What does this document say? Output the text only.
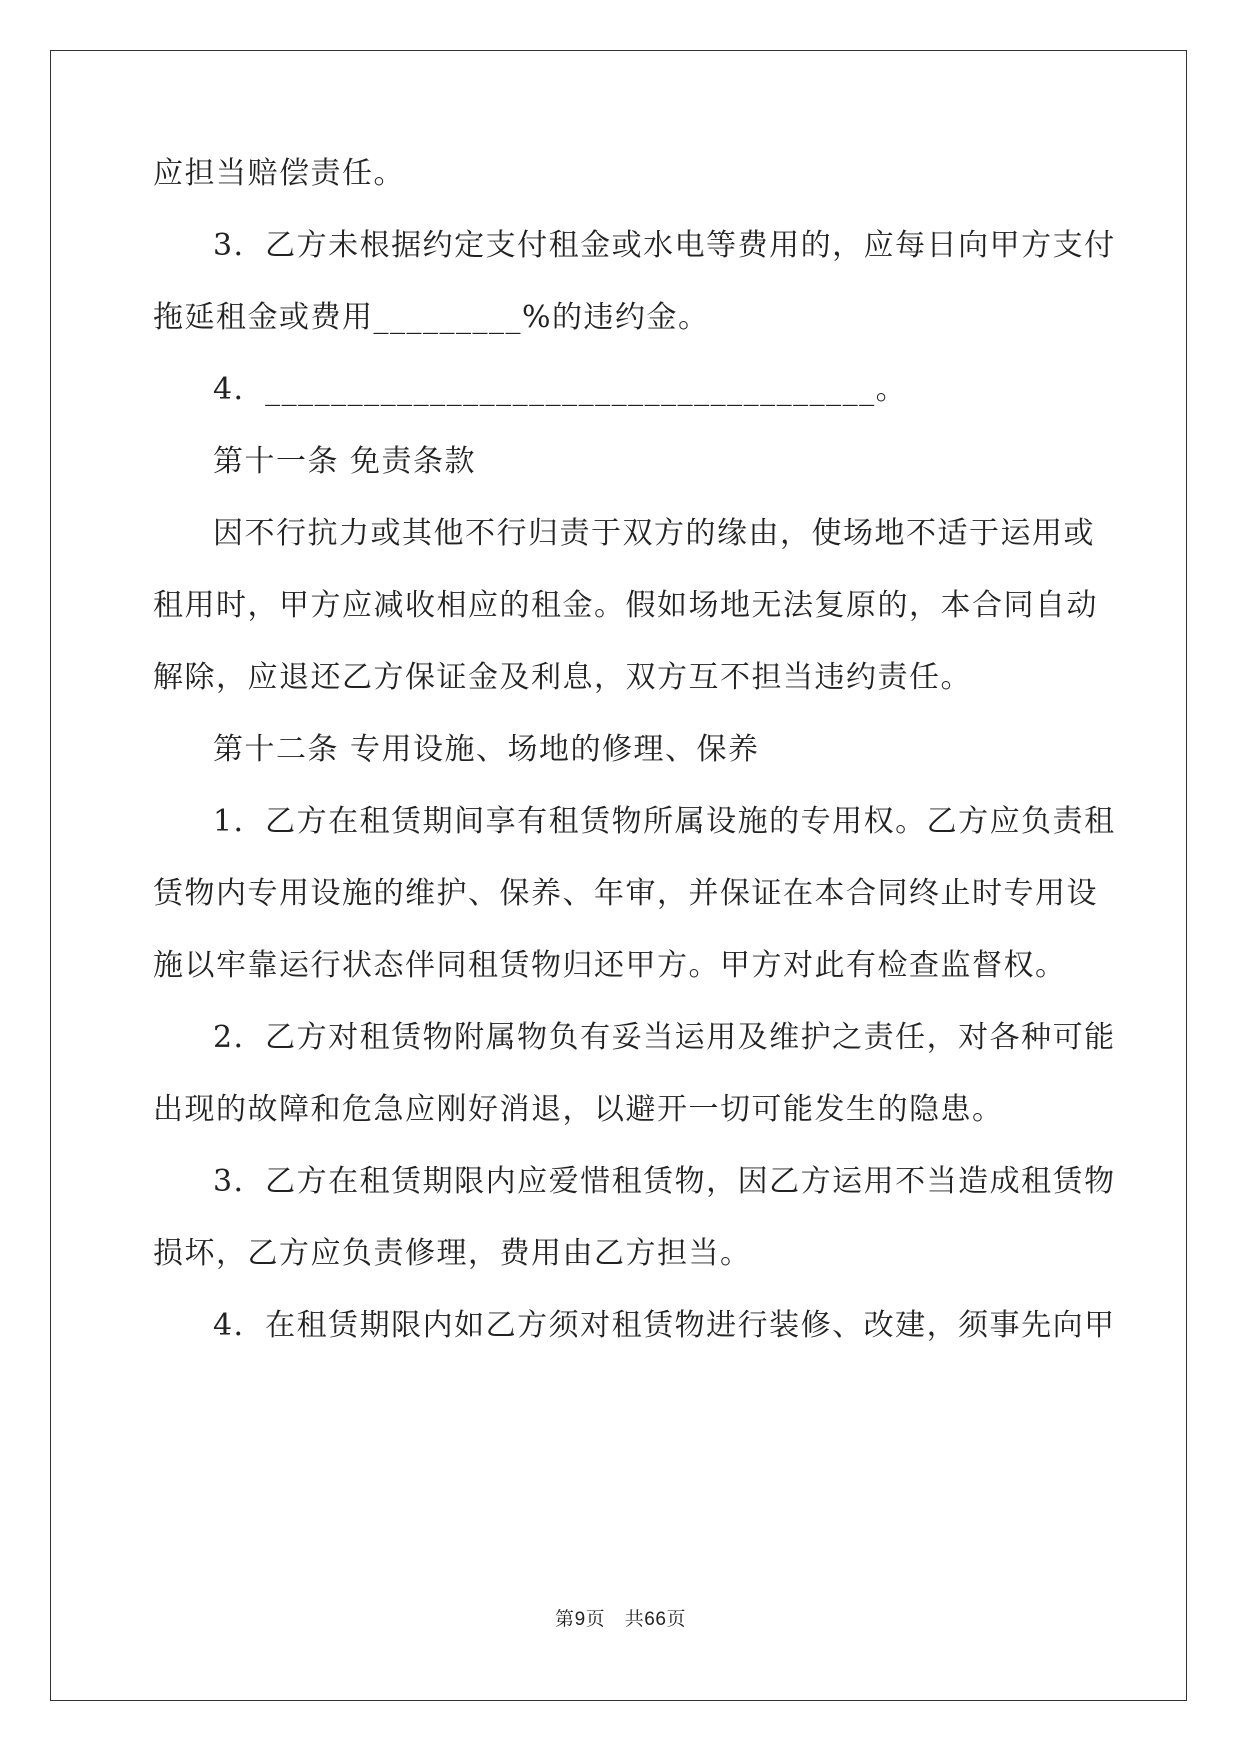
应担当赔偿责任。
3．乙方未根据约定支付租金或水电等费用的，应每日向甲方支付
拖延租金或费用_________%的违约金。
4．_____________________________________。
第十一条 免责条款
因不行抗力或其他不行归责于双方的缘由，使场地不适于运用或
租用时，甲方应减收相应的租金。假如场地无法复原的，本合同自动
解除，应退还乙方保证金及利息，双方互不担当违约责任。
第十二条 专用设施、场地的修理、保养
1．乙方在租赁期间享有租赁物所属设施的专用权。乙方应负责租
赁物内专用设施的维护、保养、年审，并保证在本合同终止时专用设
施以牢靠运行状态伴同租赁物归还甲方。甲方对此有检查监督权。
2．乙方对租赁物附属物负有妥当运用及维护之责任，对各种可能
出现的故障和危急应刚好消退，以避开一切可能发生的隐患。
3．乙方在租赁期限内应爱惜租赁物，因乙方运用不当造成租赁物
损坏，乙方应负责修理，费用由乙方担当。
4．在租赁期限内如乙方须对租赁物进行装修、改建，须事先向甲
第9页 共66页
